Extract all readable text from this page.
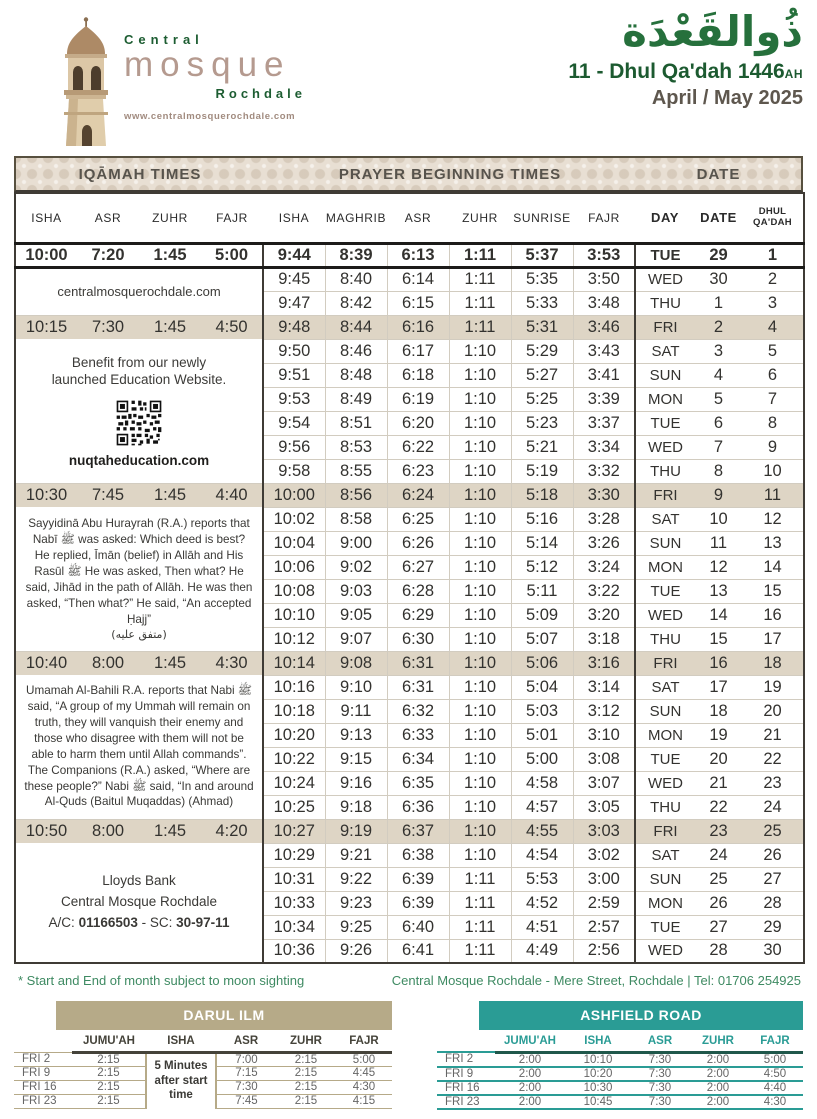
Central
mosque
Rochdale
www.centralmosquerochdale.com
ذُوالقَعْدَة
11 - Dhul Qa'dah 1446AH
April / May 2025
IQĀMAH TIMES	PRAYER BEGINNING TIMES	DATE
ISHA	ASR	ZUHR	FAJR	ISHA	MAGHRIB	ASR	ZUHR	SUNRISE	FAJR	DAY	DATE	DHUL QA'DAH
10:00	7:20	1:45	5:00	9:44	8:39	6:13	1:11	5:37	3:53	TUE	29	1

centralmosquerochdale.com				9:45	8:40	6:14	1:11	5:35	3:50	WED	30	2
				9:47	8:42	6:15	1:11	5:33	3:48	THU	1	3
10:15	7:30	1:45	4:50	9:48	8:44	6:16	1:11	5:31	3:46	FRI	2	4

Benefit from our newly
launched Education Website.
nuqtaheducation.com				9:50	8:46	6:17	1:10	5:29	3:43	SAT	3	5
				9:51	8:48	6:18	1:10	5:27	3:41	SUN	4	6
				9:53	8:49	6:19	1:10	5:25	3:39	MON	5	7
				9:54	8:51	6:20	1:10	5:23	3:37	TUE	6	8
				9:56	8:53	6:22	1:10	5:21	3:34	WED	7	9
				9:58	8:55	6:23	1:10	5:19	3:32	THU	8	10
10:30	7:45	1:45	4:40	10:00	8:56	6:24	1:10	5:18	3:30	FRI	9	11

Sayyidinā Abu Hurayrah (R.A.) reports that Nabī ﷺ was asked: Which deed is best? He replied, Īmān (belief) in Allāh and His Rasūl ﷺ He was asked, Then what? He said, Jihād in the path of Allāh. He was then asked, “Then what?” He said, “An accepted Ḥajj”
(متفق عليه)				10:02	8:58	6:25	1:10	5:16	3:28	SAT	10	12
				10:04	9:00	6:26	1:10	5:14	3:26	SUN	11	13
				10:06	9:02	6:27	1:10	5:12	3:24	MON	12	14
				10:08	9:03	6:28	1:10	5:11	3:22	TUE	13	15
				10:10	9:05	6:29	1:10	5:09	3:20	WED	14	16
				10:12	9:07	6:30	1:10	5:07	3:18	THU	15	17
10:40	8:00	1:45	4:30	10:14	9:08	6:31	1:10	5:06	3:16	FRI	16	18

Umamah Al-Bahili R.A. reports that Nabi ﷺ said, “A group of my Ummah will remain on truth, they will vanquish their enemy and those who disagree with them will not be able to harm them until Allah commands”. The Companions (R.A.) asked, “Where are these people?” Nabi ﷺ said, “In and around Al-Quds (Baitul Muqaddas) (Ahmad)				10:16	9:10	6:31	1:10	5:04	3:14	SAT	17	19
				10:18	9:11	6:32	1:10	5:03	3:12	SUN	18	20
				10:20	9:13	6:33	1:10	5:01	3:10	MON	19	21
				10:22	9:15	6:34	1:10	5:00	3:08	TUE	20	22
				10:24	9:16	6:35	1:10	4:58	3:07	WED	21	23
				10:25	9:18	6:36	1:10	4:57	3:05	THU	22	24
10:50	8:00	1:45	4:20	10:27	9:19	6:37	1:10	4:55	3:03	FRI	23	25

Lloyds Bank
Central Mosque Rochdale
A/C: 01166503 - SC: 30-97-11				10:29	9:21	6:38	1:10	4:54	3:02	SAT	24	26
				10:31	9:22	6:39	1:11	5:53	3:00	SUN	25	27
				10:33	9:23	6:39	1:11	4:52	2:59	MON	26	28
				10:34	9:25	6:40	1:11	4:51	2:57	TUE	27	29
				10:36	9:26	6:41	1:11	4:49	2:56	WED	28	30
* Start and End of month subject to moon sighting	Central Mosque Rochdale - Mere Street, Rochdale | Tel: 01706 254925
DARUL ILM
	JUMU'AH	ISHA	ASR	ZUHR	FAJR
FRI 2	2:15	5 Minutes after start time	7:00	2:15	5:00
FRI 9	2:15		7:15	2:15	4:45
FRI 16	2:15		7:30	2:15	4:30
FRI 23	2:15		7:45	2:15	4:15
ASHFIELD ROAD
	JUMU'AH	ISHA	ASR	ZUHR	FAJR
FRI 2	2:00	10:10	7:30	2:00	5:00
FRI 9	2:00	10:20	7:30	2:00	4:50
FRI 16	2:00	10:30	7:30	2:00	4:40
FRI 23	2:00	10:45	7:30	2:00	4:30
